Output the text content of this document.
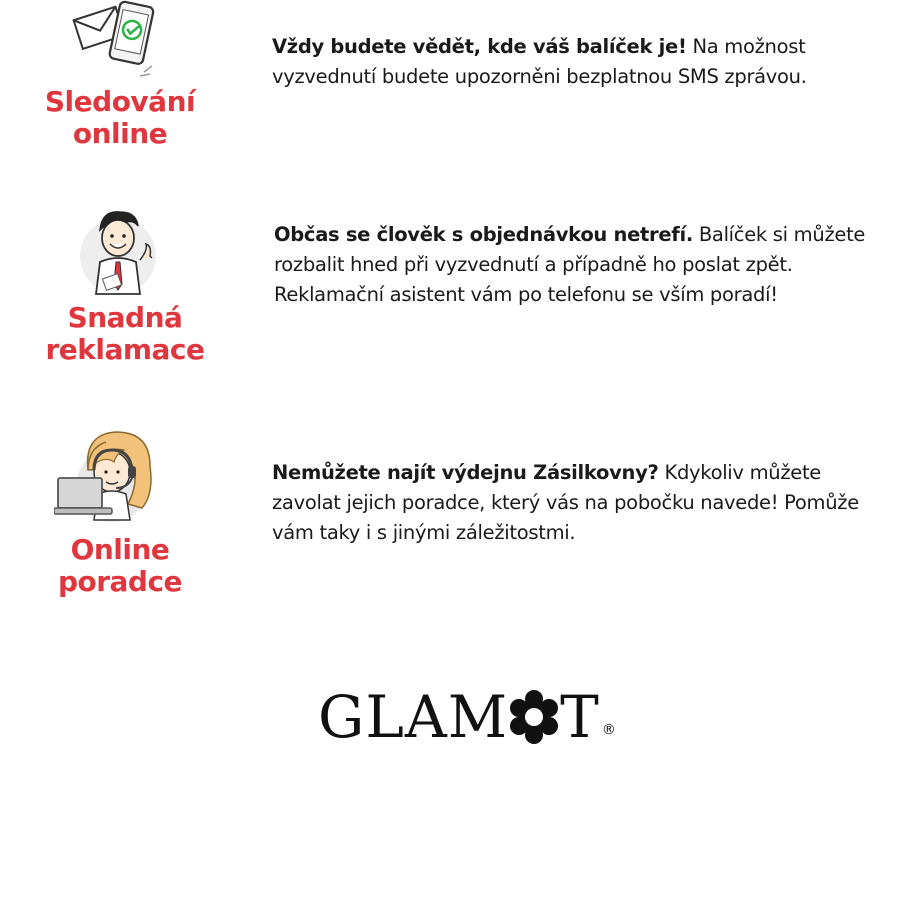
Sledování
online
Vždy budete vědět, kde váš balíček je! Na možnost vyzvednutí budete upozorněni bezplatnou SMS zprávou.
Snadná
reklamace
Občas se člověk s objednávkou netrefí. Balíček si můžete rozbalit hned při vyzvednutí a případně ho poslat zpět. Reklamační asistent vám po telefonu se vším poradí!
Online
poradce
Nemůžete najít výdejnu Zásilkovny? Kdykoliv můžete zavolat jejich poradce, který vás na pobočku navede! Pomůže vám taky i s jinými záležitostmi.
GLAM T ®
